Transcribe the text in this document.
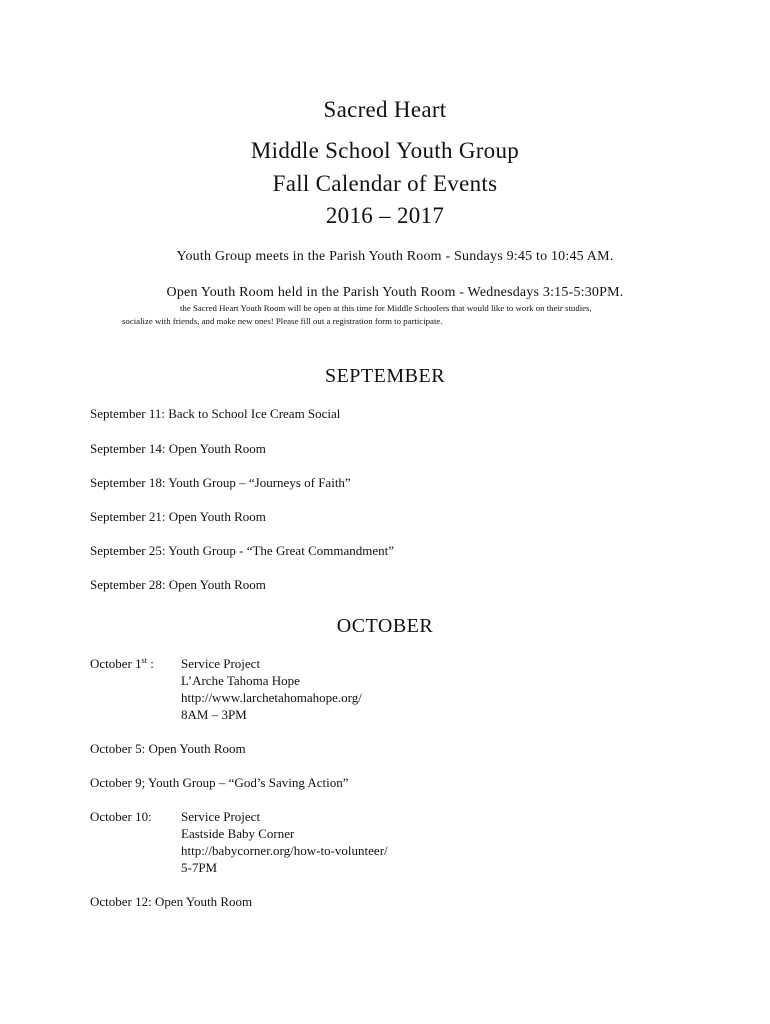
Sacred Heart
Middle School Youth Group
Fall Calendar of Events
2016 – 2017
Youth Group meets in the Parish Youth Room - Sundays 9:45 to 10:45 AM.
Open Youth Room held in the Parish Youth Room - Wednesdays 3:15-5:30PM.
the Sacred Heart Youth Room will be open at this time for Middle Schoolers that would like to work on their studies,
socialize with friends, and make new ones! Please fill out a registration form to participate.
SEPTEMBER
September 11: Back to School Ice Cream Social
September 14: Open Youth Room
September 18: Youth Group – “Journeys of Faith”
September 21: Open Youth Room
September 25: Youth Group - “The Great Commandment”
September 28: Open Youth Room
OCTOBER
October 1st : Service Project
L’Arche Tahoma Hope
http://www.larchetahomahope.org/
8AM – 3PM
October 5: Open Youth Room
October 9; Youth Group – “God’s Saving Action”
October 10: Service Project
Eastside Baby Corner
http://babycorner.org/how-to-volunteer/
5-7PM
October 12: Open Youth Room
